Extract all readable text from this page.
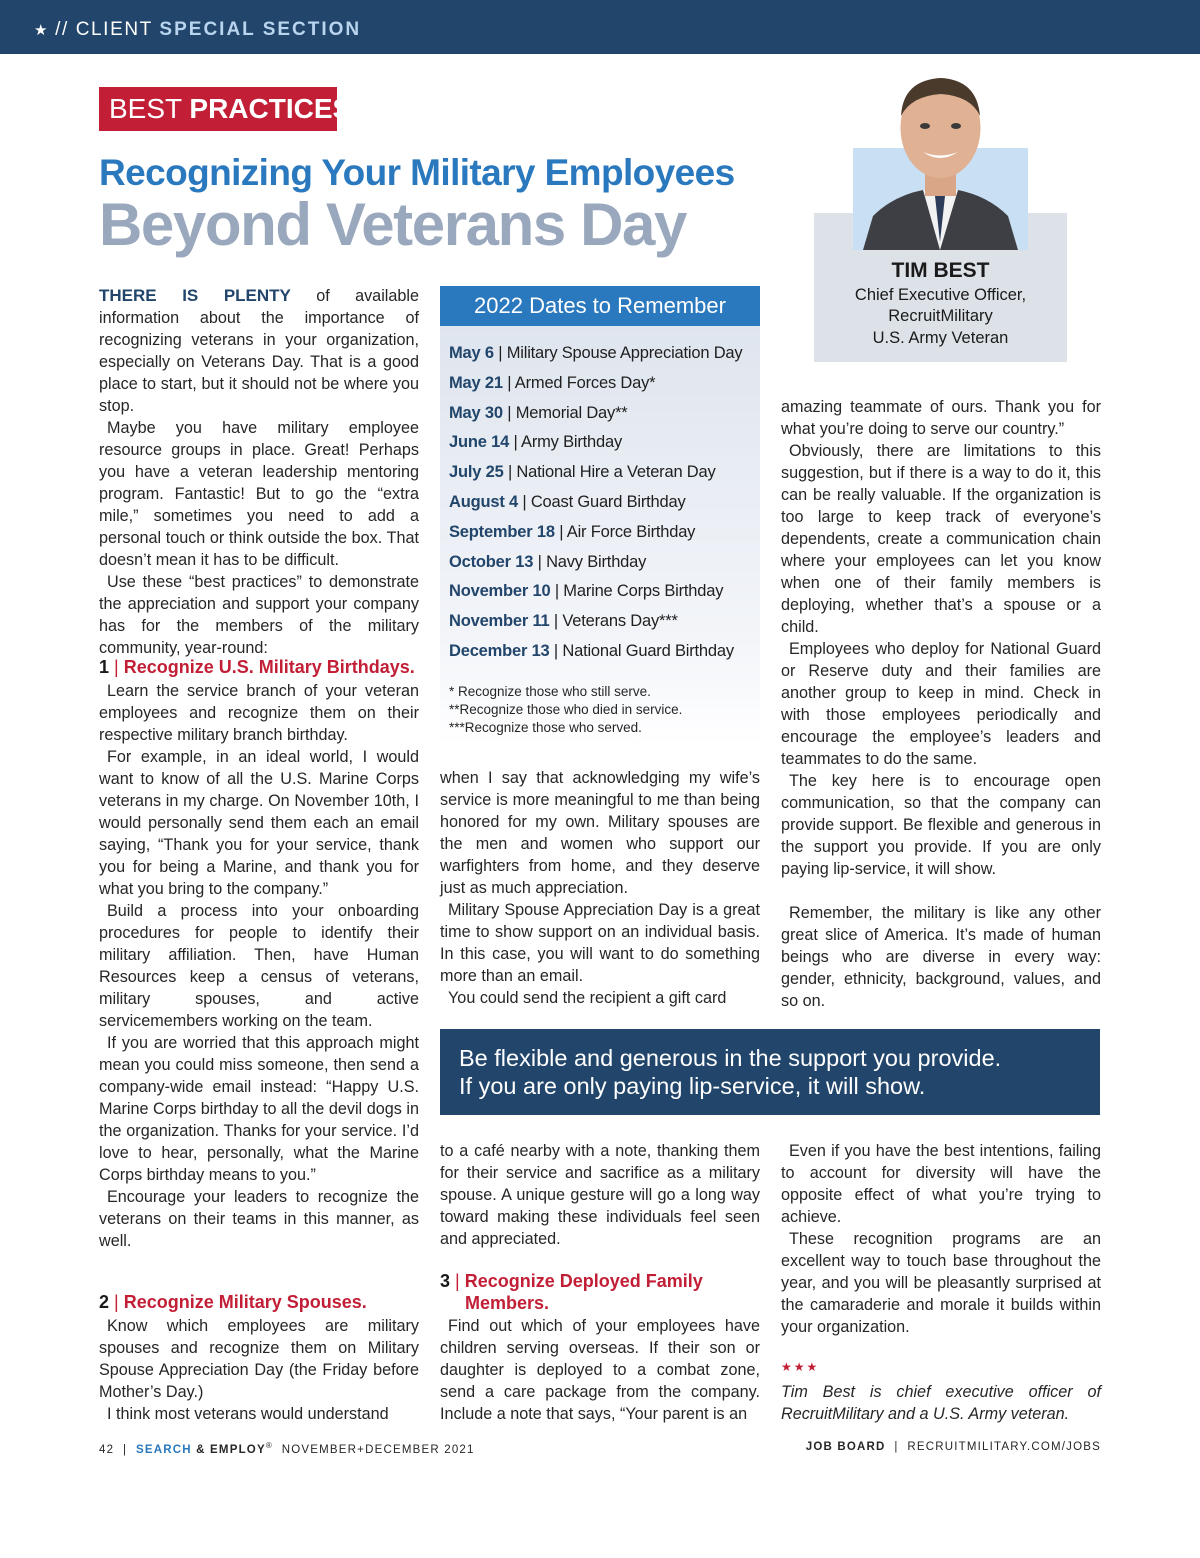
★ // CLIENT SPECIAL SECTION
BEST PRACTICES
Recognizing Your Military Employees
Beyond Veterans Day
TIM BEST
Chief Executive Officer,
RecruitMilitary
U.S. Army Veteran

THERE IS PLENTY of available information about the importance of recognizing veterans in your organization, especially on Veterans Day. That is a good place to start, but it should not be where you stop.

Maybe you have military employee resource groups in place. Great! Perhaps you have a veteran leadership mentoring program. Fantastic! But to go the “extra mile,” sometimes you need to add a personal touch or think outside the box. That doesn’t mean it has to be difficult.

Use these “best practices” to demonstrate the appreciation and support your company has for the members of the military community, year-round:

1 | Recognize U.S. Military Birthdays.

Learn the service branch of your veteran employees and recognize them on their respective military branch birthday.

For example, in an ideal world, I would want to know of all the U.S. Marine Corps veterans in my charge. On November 10th, I would personally send them each an email saying, “Thank you for your service, thank you for being a Marine, and thank you for what you bring to the company.”

Build a process into your onboarding procedures for people to identify their military affiliation. Then, have Human Resources keep a census of veterans, military spouses, and active servicemembers working on the team.

If you are worried that this approach might mean you could miss someone, then send a company-wide email instead: “Happy U.S. Marine Corps birthday to all the devil dogs in the organization. Thanks for your service. I’d love to hear, personally, what the Marine Corps birthday means to you.”

Encourage your leaders to recognize the veterans on their teams in this manner, as well.

2 | Recognize Military Spouses.

Know which employees are military spouses and recognize them on Military Spouse Appreciation Day (the Friday before Mother’s Day.)

I think most veterans would understand

2022 Dates to Remember
May 6 | Military Spouse Appreciation Day
May 21 | Armed Forces Day*
May 30 | Memorial Day**
June 14 | Army Birthday
July 25 | National Hire a Veteran Day
August 4 | Coast Guard Birthday
September 18 | Air Force Birthday
October 13 | Navy Birthday
November 10 | Marine Corps Birthday
November 11 | Veterans Day***
December 13 | National Guard Birthday
* Recognize those who still serve.
**Recognize those who died in service.
***Recognize those who served.

when I say that acknowledging my wife’s service is more meaningful to me than being honored for my own. Military spouses are the men and women who support our warfighters from home, and they deserve just as much appreciation.

Military Spouse Appreciation Day is a great time to show support on an individual basis. In this case, you will want to do something more than an email.

You could send the recipient a gift card

to a café nearby with a note, thanking them for their service and sacrifice as a military spouse. A unique gesture will go a long way toward making these individuals feel seen and appreciated.

3 | Recognize Deployed Family
Members.

Find out which of your employees have children serving overseas. If their son or daughter is deployed to a combat zone, send a care package from the company. Include a note that says, “Your parent is an

amazing teammate of ours. Thank you for what you’re doing to serve our country.”

Obviously, there are limitations to this suggestion, but if there is a way to do it, this can be really valuable. If the organization is too large to keep track of everyone’s dependents, create a communication chain where your employees can let you know when one of their family members is deploying, whether that’s a spouse or a child.

Employees who deploy for National Guard or Reserve duty and their families are another group to keep in mind. Check in with those employees periodically and encourage the employee’s leaders and teammates to do the same.

The key here is to encourage open communication, so that the company can provide support. Be flexible and generous in the support you provide. If you are only paying lip-service, it will show.

Remember, the military is like any other great slice of America. It’s made of human beings who are diverse in every way: gender, ethnicity, background, values, and so on.

Even if you have the best intentions, failing to account for diversity will have the opposite effect of what you’re trying to achieve.

These recognition programs are an excellent way to touch base throughout the year, and you will be pleasantly surprised at the camaraderie and morale it builds within your organization.

★★★

Tim Best is chief executive officer of RecruitMilitary and a U.S. Army veteran.

Be flexible and generous in the support you provide.
If you are only paying lip-service, it will show.
42  |  SEARCH & EMPLOY® NOVEMBER+DECEMBER 2021	JOB BOARD  |  RECRUITMILITARY.COM/JOBS
